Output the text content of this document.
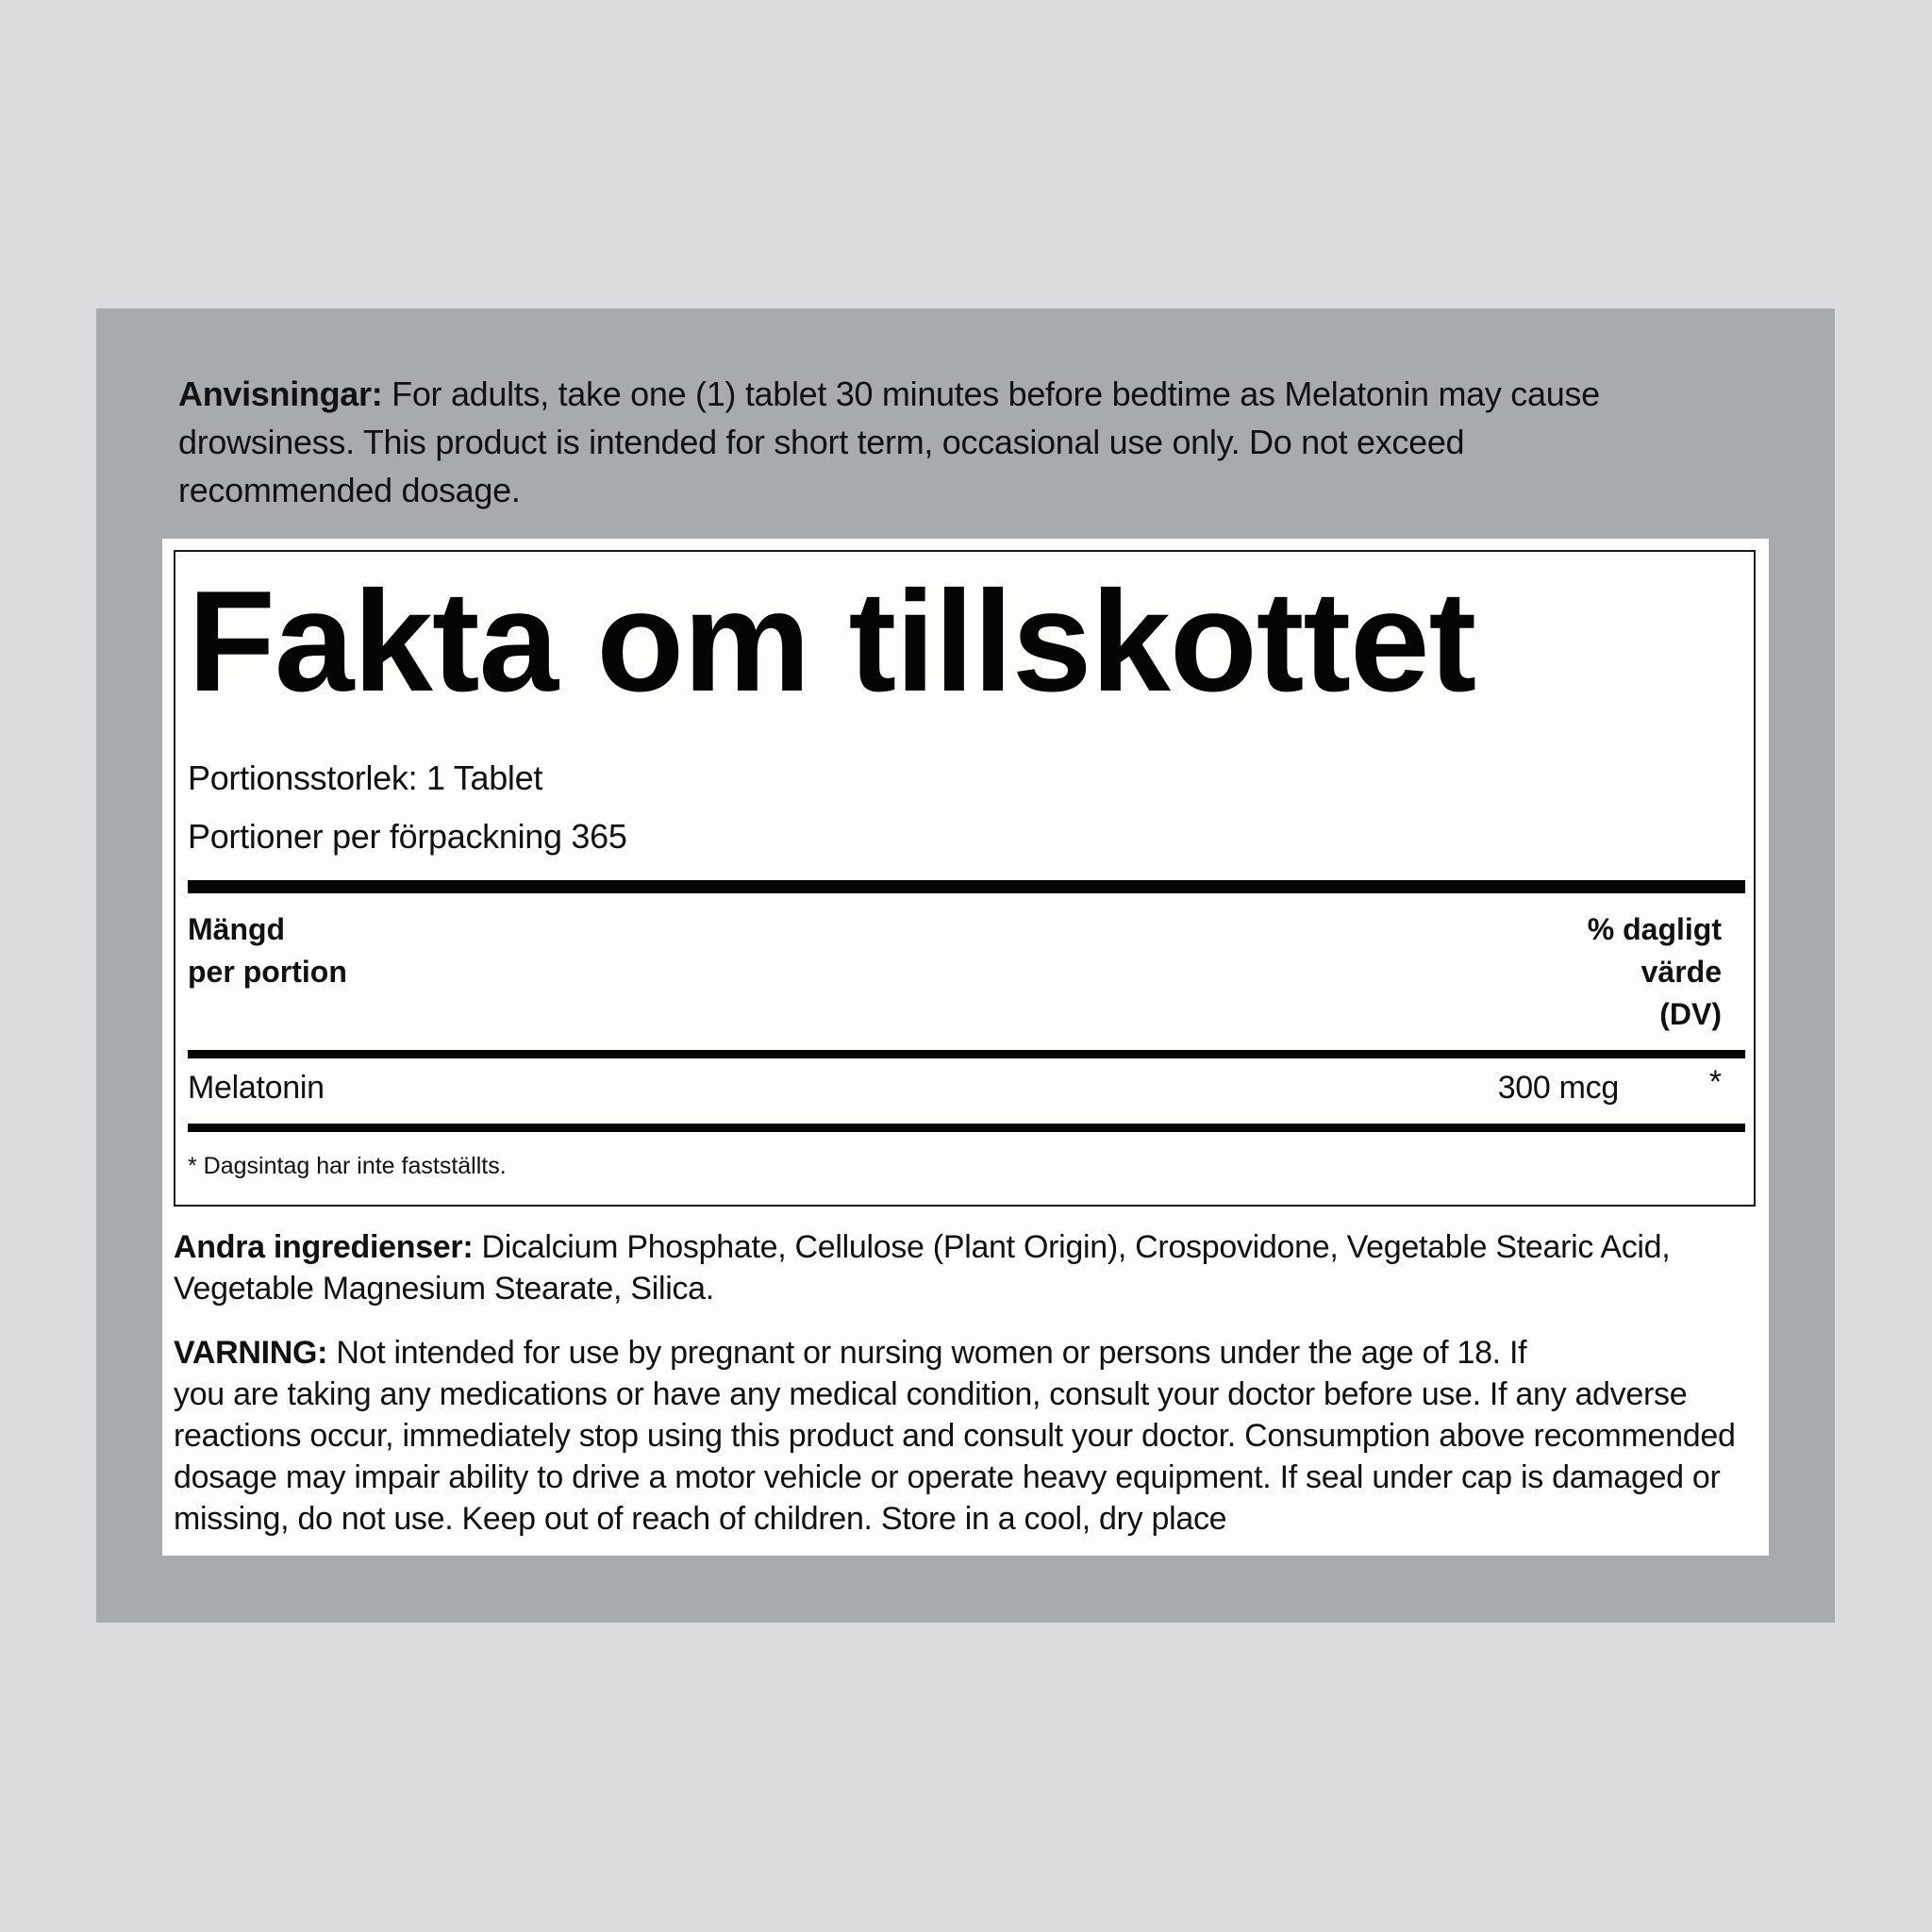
Anvisningar: For adults, take one (1) tablet 30 minutes before bedtime as Melatonin may cause drowsiness. This product is intended for short term, occasional use only. Do not exceed recommended dosage.
Fakta om tillskottet
Portionsstorlek: 1 Tablet
Portioner per förpackning 365
Mängd
per portion
% dagligt
värde
(DV)
Melatonin	300 mcg	*
* Dagsintag har inte fastställts.
Andra ingredienser: Dicalcium Phosphate, Cellulose (Plant Origin), Crospovidone, Vegetable Stearic Acid, Vegetable Magnesium Stearate, Silica.
VARNING: Not intended for use by pregnant or nursing women or persons under the age of 18. If
you are taking any medications or have any medical condition, consult your doctor before use. If any adverse reactions occur, immediately stop using this product and consult your doctor. Consumption above recommended dosage may impair ability to drive a motor vehicle or operate heavy equipment. If seal under cap is damaged or missing, do not use. Keep out of reach of children. Store in a cool, dry place
